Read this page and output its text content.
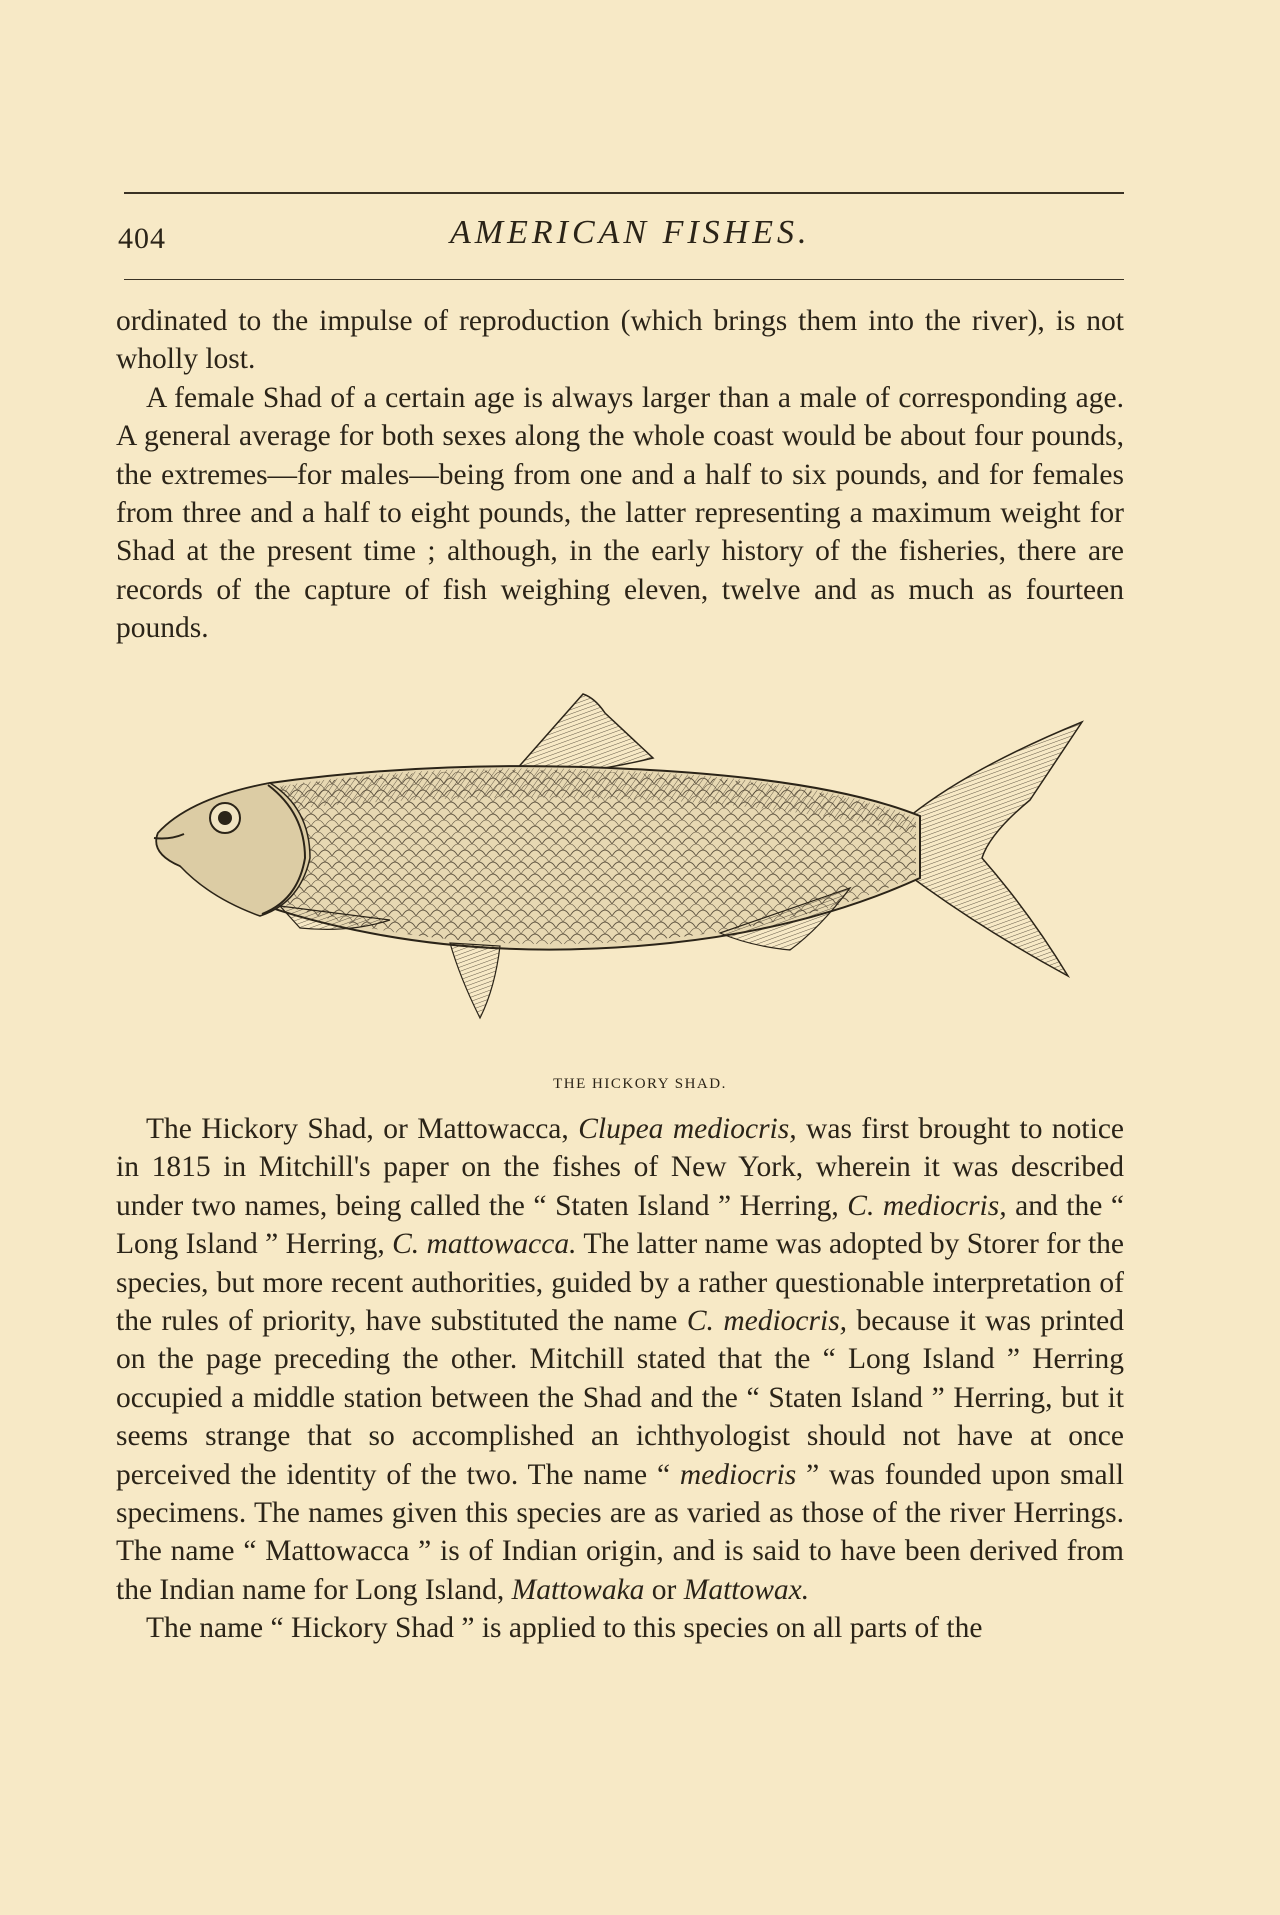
404	AMERICAN FISHES.

ordinated to the impulse of reproduction (which brings them into the river), is not wholly lost.

A female Shad of a certain age is always larger than a male of corresponding age. A general average for both sexes along the whole coast would be about four pounds, the extremes—for males—being from one and a half to six pounds, and for females from three and a half to eight pounds, the latter representing a maximum weight for Shad at the present time ; although, in the early history of the fisheries, there are records of the capture of fish weighing eleven, twelve and as much as fourteen pounds.

THE HICKORY SHAD.

The Hickory Shad, or Mattowacca, Clupea mediocris, was first brought to notice in 1815 in Mitchill's paper on the fishes of New York, wherein it was described under two names, being called the “ Staten Island ” Herring, C. mediocris, and the “ Long Island ” Herring, C. mattowacca. The latter name was adopted by Storer for the species, but more recent authorities, guided by a rather questionable interpretation of the rules of priority, have substituted the name C. mediocris, because it was printed on the page preceding the other. Mitchill stated that the “ Long Island ” Herring occupied a middle station between the Shad and the “ Staten Island ” Herring, but it seems strange that so accomplished an ichthyologist should not have at once perceived the identity of the two. The name “ mediocris ” was founded upon small specimens. The names given this species are as varied as those of the river Herrings. The name “ Mattowacca ” is of Indian origin, and is said to have been derived from the Indian name for Long Island, Mattowaka or Mattowax.

The name “ Hickory Shad ” is applied to this species on all parts of the
